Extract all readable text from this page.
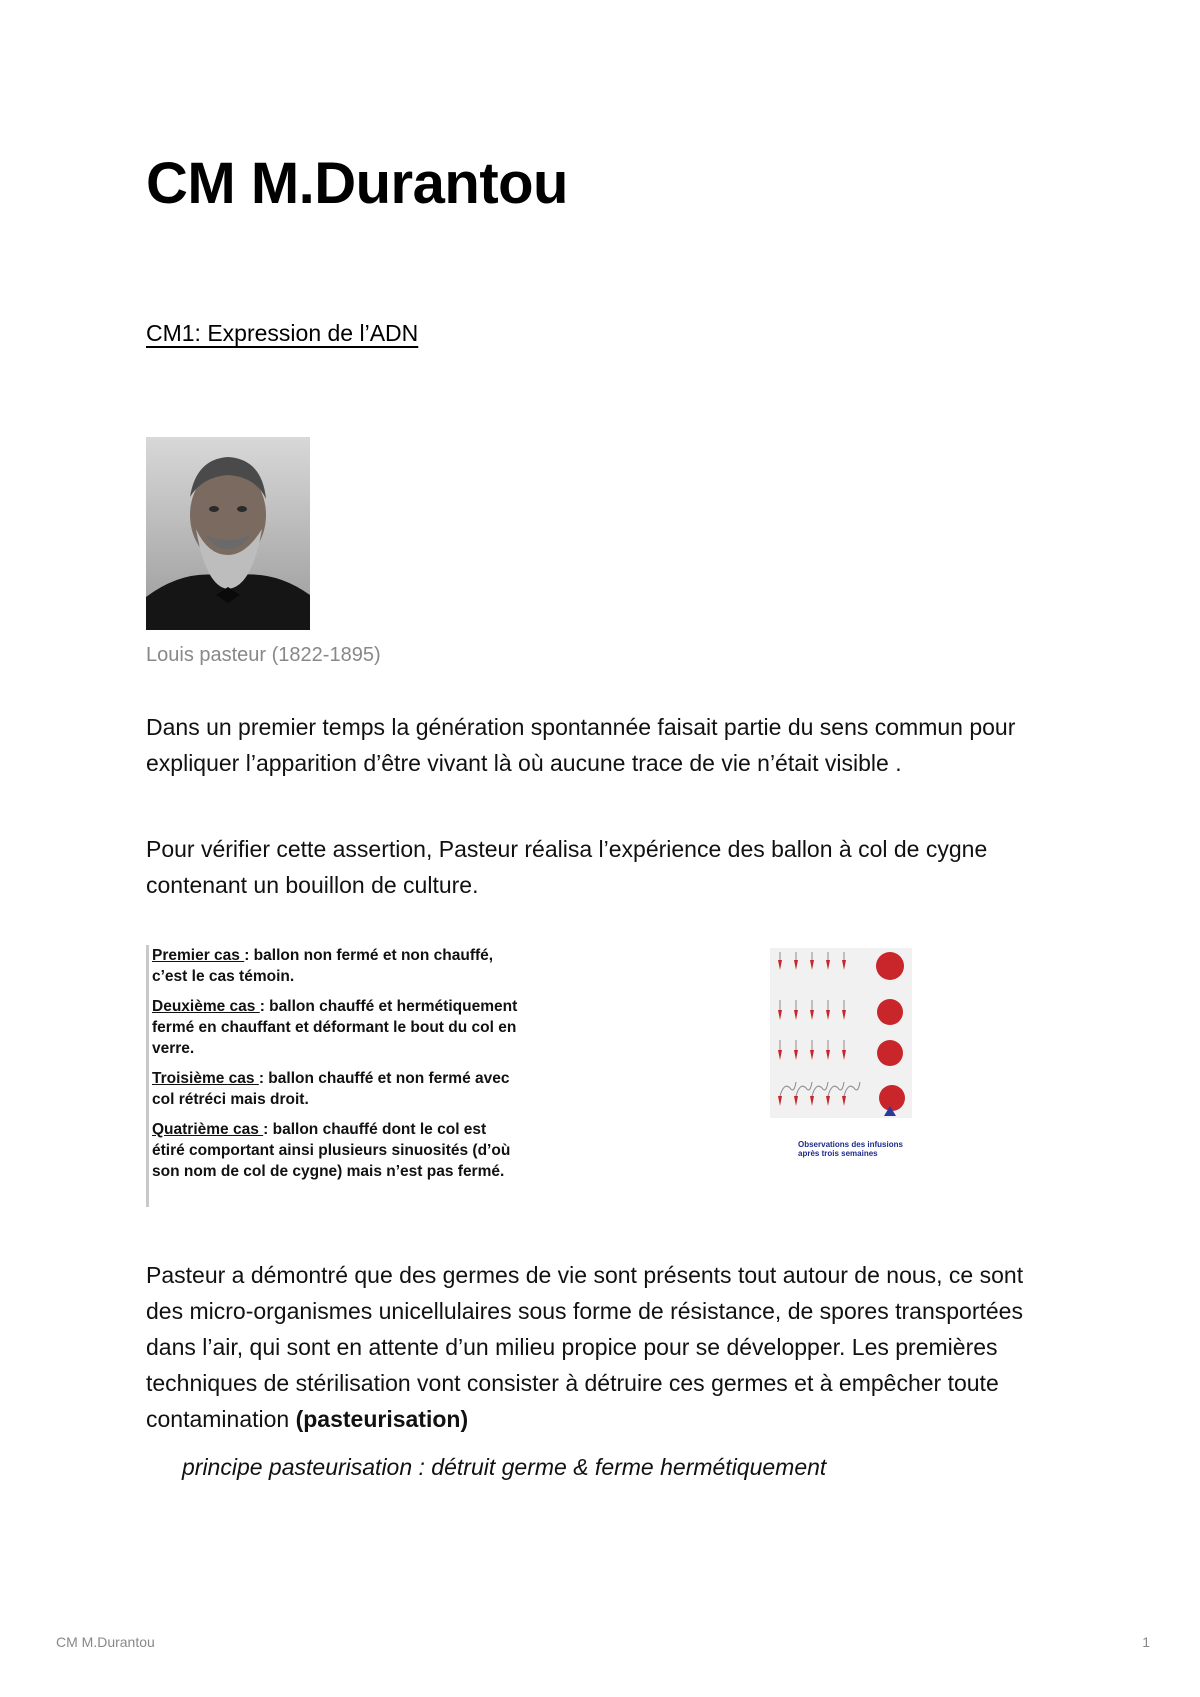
CM M.Durantou
CM1: Expression de l’ADN
Louis pasteur (1822-1895)

Dans un premier temps la génération spontannée faisait partie du sens commun pour expliquer l’apparition d’être vivant là où aucune trace de vie n’était visible .

Pour vérifier cette assertion, Pasteur réalisa l’expérience des ballon à col de cygne contenant un bouillon de culture.

Premier cas : ballon non fermé et non chauffé, c’est le cas témoin.

Deuxième cas : ballon chauffé et hermétiquement fermé en chauffant et déformant le bout du col en verre.

Troisième cas : ballon chauffé et non fermé avec col rétréci mais droit.

Quatrième cas : ballon chauffé dont le col est étiré comportant ainsi plusieurs sinuosités (d’où son nom de col de cygne) mais n’est pas fermé.

Observations des infusions
après trois semaines

Pasteur a démontré que des germes de vie sont présents tout autour de nous, ce sont des micro-organismes unicellulaires sous forme de résistance, de spores transportées dans l’air, qui sont en attente d’un milieu propice pour se développer. Les premières techniques de stérilisation vont consister à détruire ces germes et à empêcher toute contamination (pasteurisation)

principe pasteurisation : détruit germe & ferme hermétiquement

CM M.Durantou	1
